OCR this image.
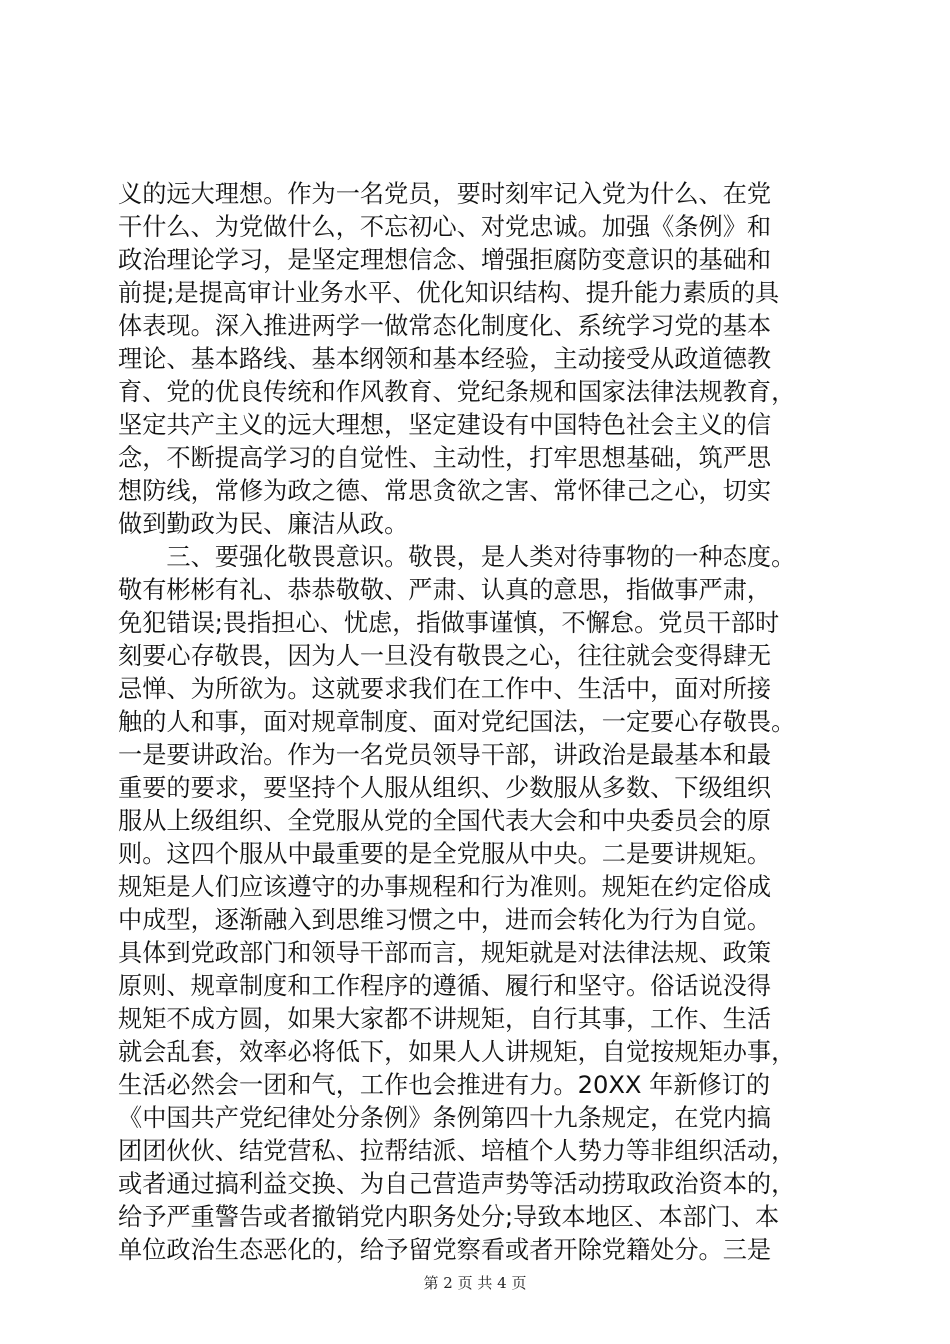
义的远大理想。作为一名党员，要时刻牢记入党为什么、在党
干什么、为党做什么，不忘初心、对党忠诚。加强《条例》和
政治理论学习，是坚定理想信念、增强拒腐防变意识的基础和
前提;是提高审计业务水平、优化知识结构、提升能力素质的具
体表现。深入推进两学一做常态化制度化、系统学习党的基本
理论、基本路线、基本纲领和基本经验，主动接受从政道德教
育、党的优良传统和作风教育、党纪条规和国家法律法规教育，
坚定共产主义的远大理想，坚定建设有中国特色社会主义的信
念，不断提高学习的自觉性、主动性，打牢思想基础，筑严思
想防线，常修为政之德、常思贪欲之害、常怀律己之心，切实
做到勤政为民、廉洁从政。
　　三、要强化敬畏意识。敬畏，是人类对待事物的一种态度。
敬有彬彬有礼、恭恭敬敬、严肃、认真的意思，指做事严肃，
免犯错误;畏指担心、忧虑，指做事谨慎，不懈怠。党员干部时
刻要心存敬畏，因为人一旦没有敬畏之心，往往就会变得肆无
忌惮、为所欲为。这就要求我们在工作中、生活中，面对所接
触的人和事，面对规章制度、面对党纪国法，一定要心存敬畏。
一是要讲政治。作为一名党员领导干部，讲政治是最基本和最
重要的要求，要坚持个人服从组织、少数服从多数、下级组织
服从上级组织、全党服从党的全国代表大会和中央委员会的原
则。这四个服从中最重要的是全党服从中央。二是要讲规矩。
规矩是人们应该遵守的办事规程和行为准则。规矩在约定俗成
中成型，逐渐融入到思维习惯之中，进而会转化为行为自觉。
具体到党政部门和领导干部而言，规矩就是对法律法规、政策
原则、规章制度和工作程序的遵循、履行和坚守。俗话说没得
规矩不成方圆，如果大家都不讲规矩，自行其事，工作、生活
就会乱套，效率必将低下，如果人人讲规矩，自觉按规矩办事，
生活必然会一团和气，工作也会推进有力。20XX 年新修订的
《中国共产党纪律处分条例》条例第四十九条规定，在党内搞
团团伙伙、结党营私、拉帮结派、培植个人势力等非组织活动，
或者通过搞利益交换、为自己营造声势等活动捞取政治资本的，
给予严重警告或者撤销党内职务处分;导致本地区、本部门、本
单位政治生态恶化的，给予留党察看或者开除党籍处分。三是
第 2 页 共 4 页
